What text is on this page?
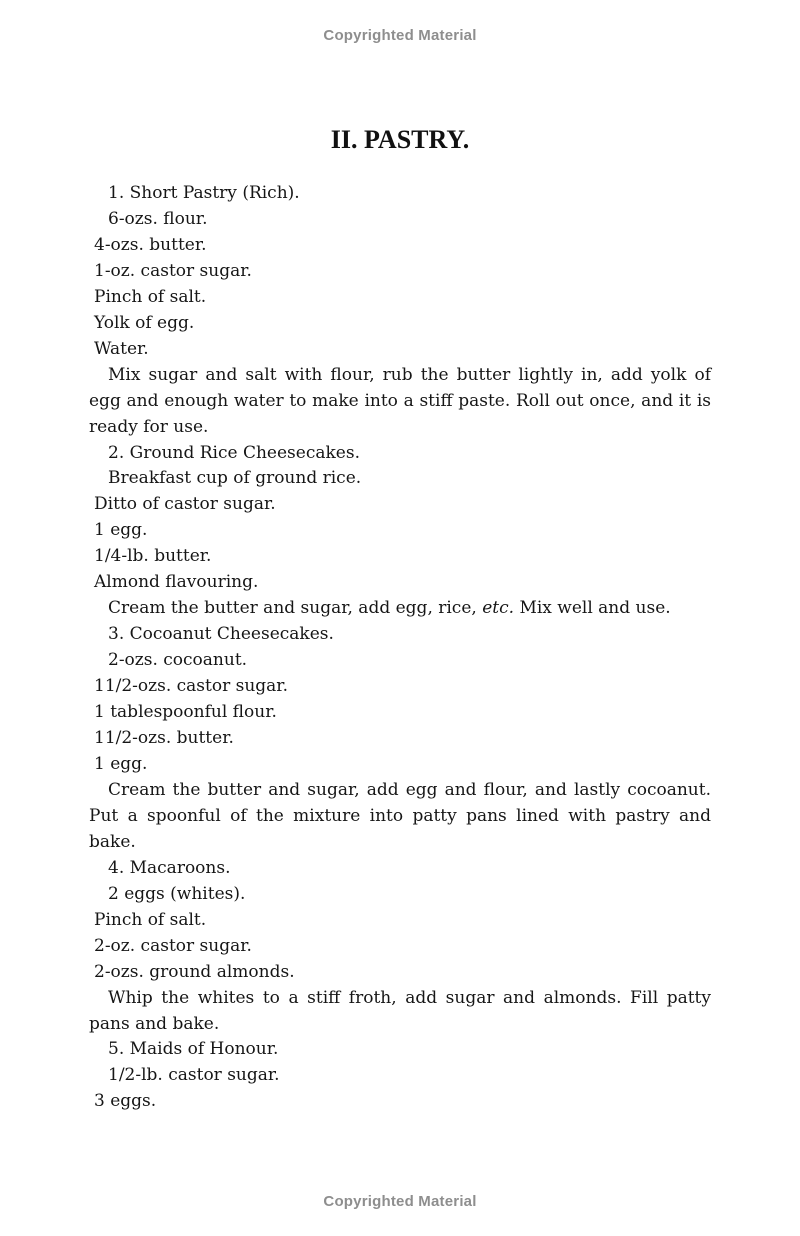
Copyrighted Material
II. PASTRY.

1. Short Pastry (Rich).

6-ozs. flour.

4-ozs. butter.

1-oz. castor sugar.

Pinch of salt.

Yolk of egg.

Water.

Mix sugar and salt with flour, rub the butter lightly in, add yolk of egg and enough water to make into a stiff paste. Roll out once, and it is ready for use.

2. Ground Rice Cheesecakes.

Breakfast cup of ground rice.

Ditto of castor sugar.

1 egg.

1/4-lb. butter.

Almond flavouring.

Cream the butter and sugar, add egg, rice, etc. Mix well and use.

3. Cocoanut Cheesecakes.

2-ozs. cocoanut.

11/2-ozs. castor sugar.

1 tablespoonful flour.

11/2-ozs. butter.

1 egg.

Cream the butter and sugar, add egg and flour, and lastly cocoanut. Put a spoonful of the mixture into patty pans lined with pastry and bake.

4. Macaroons.

2 eggs (whites).

Pinch of salt.

2-oz. castor sugar.

2-ozs. ground almonds.

Whip the whites to a stiff froth, add sugar and almonds. Fill patty pans and bake.

5. Maids of Honour.

1/2-lb. castor sugar.

3 eggs.

Copyrighted Material
